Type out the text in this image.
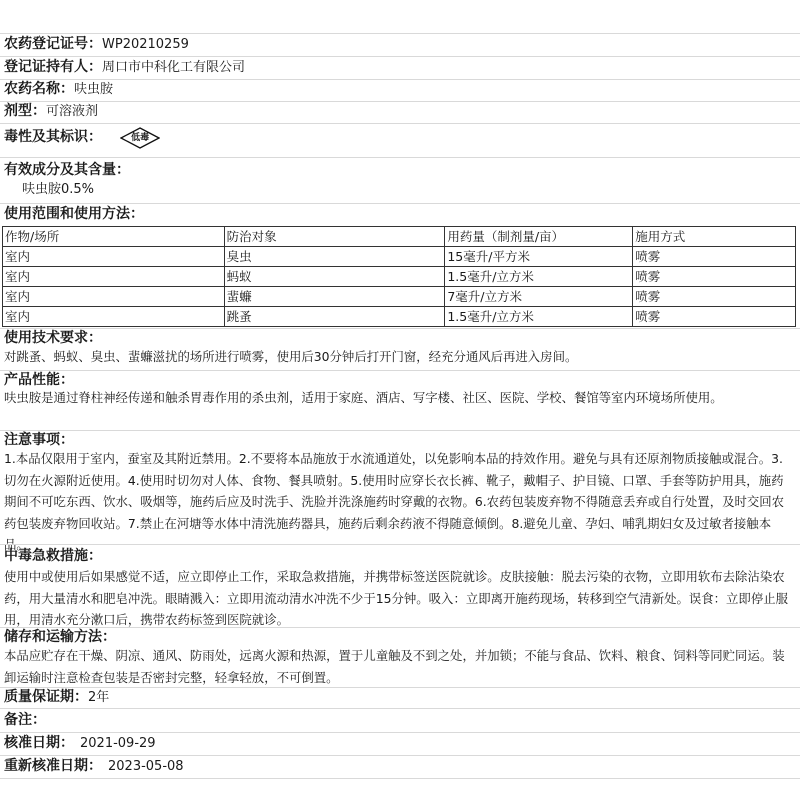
农药登记证号：WP20210259
登记证持有人：周口市中科化工有限公司
农药名称：呋虫胺
剂型：可溶液剂
毒性及其标识：	低毒
有效成分及其含量：
呋虫胺0.5%
使用范围和使用方法：
作物/场所	防治对象	用药量（制剂量/亩）	施用方式
室内	臭虫	15毫升/平方米	喷雾
室内	蚂蚁	1.5毫升/立方米	喷雾
室内	蜚蠊	7毫升/立方米	喷雾
室内	跳蚤	1.5毫升/立方米	喷雾
使用技术要求：
对跳蚤、蚂蚁、臭虫、蜚蠊滋扰的场所进行喷雾，使用后30分钟后打开门窗，经充分通风后再进入房间。
产品性能：
呋虫胺是通过脊柱神经传递和触杀胃毒作用的杀虫剂，适用于家庭、酒店、写字楼、社区、医院、学校、餐馆等室内环境场所使用。
注意事项：
1.本品仅限用于室内，蚕室及其附近禁用。2.不要将本品施放于水流通道处，以免影响本品的持效作用。避免与具有还原剂物质接触或混合。3.切勿在火源附近使用。4.使用时切勿对人体、食物、餐具喷射。5.使用时应穿长衣长裤、靴子，戴帽子、护目镜、口罩、手套等防护用具，施药期间不可吃东西、饮水、吸烟等，施药后应及时洗手、洗脸并洗涤施药时穿戴的衣物。6.农药包装废弃物不得随意丢弃或自行处置，及时交回农药包装废弃物回收站。7.禁止在河塘等水体中清洗施药器具，施药后剩余药液不得随意倾倒。8.避免儿童、孕妇、哺乳期妇女及过敏者接触本品。
中毒急救措施：
使用中或使用后如果感觉不适，应立即停止工作，采取急救措施，并携带标签送医院就诊。皮肤接触：脱去污染的衣物，立即用软布去除沾染农药，用大量清水和肥皂冲洗。眼睛溅入：立即用流动清水冲洗不少于15分钟。吸入：立即离开施药现场，转移到空气清新处。误食：立即停止服用，用清水充分漱口后，携带农药标签到医院就诊。
储存和运输方法：
本品应贮存在干燥、阴凉、通风、防雨处，远离火源和热源，置于儿童触及不到之处，并加锁；不能与食品、饮料、粮食、饲料等同贮同运。装卸运输时注意检查包装是否密封完整，轻拿轻放，不可倒置。
质量保证期：2年
备注：
核准日期： 2021-09-29
重新核准日期： 2023-05-08
